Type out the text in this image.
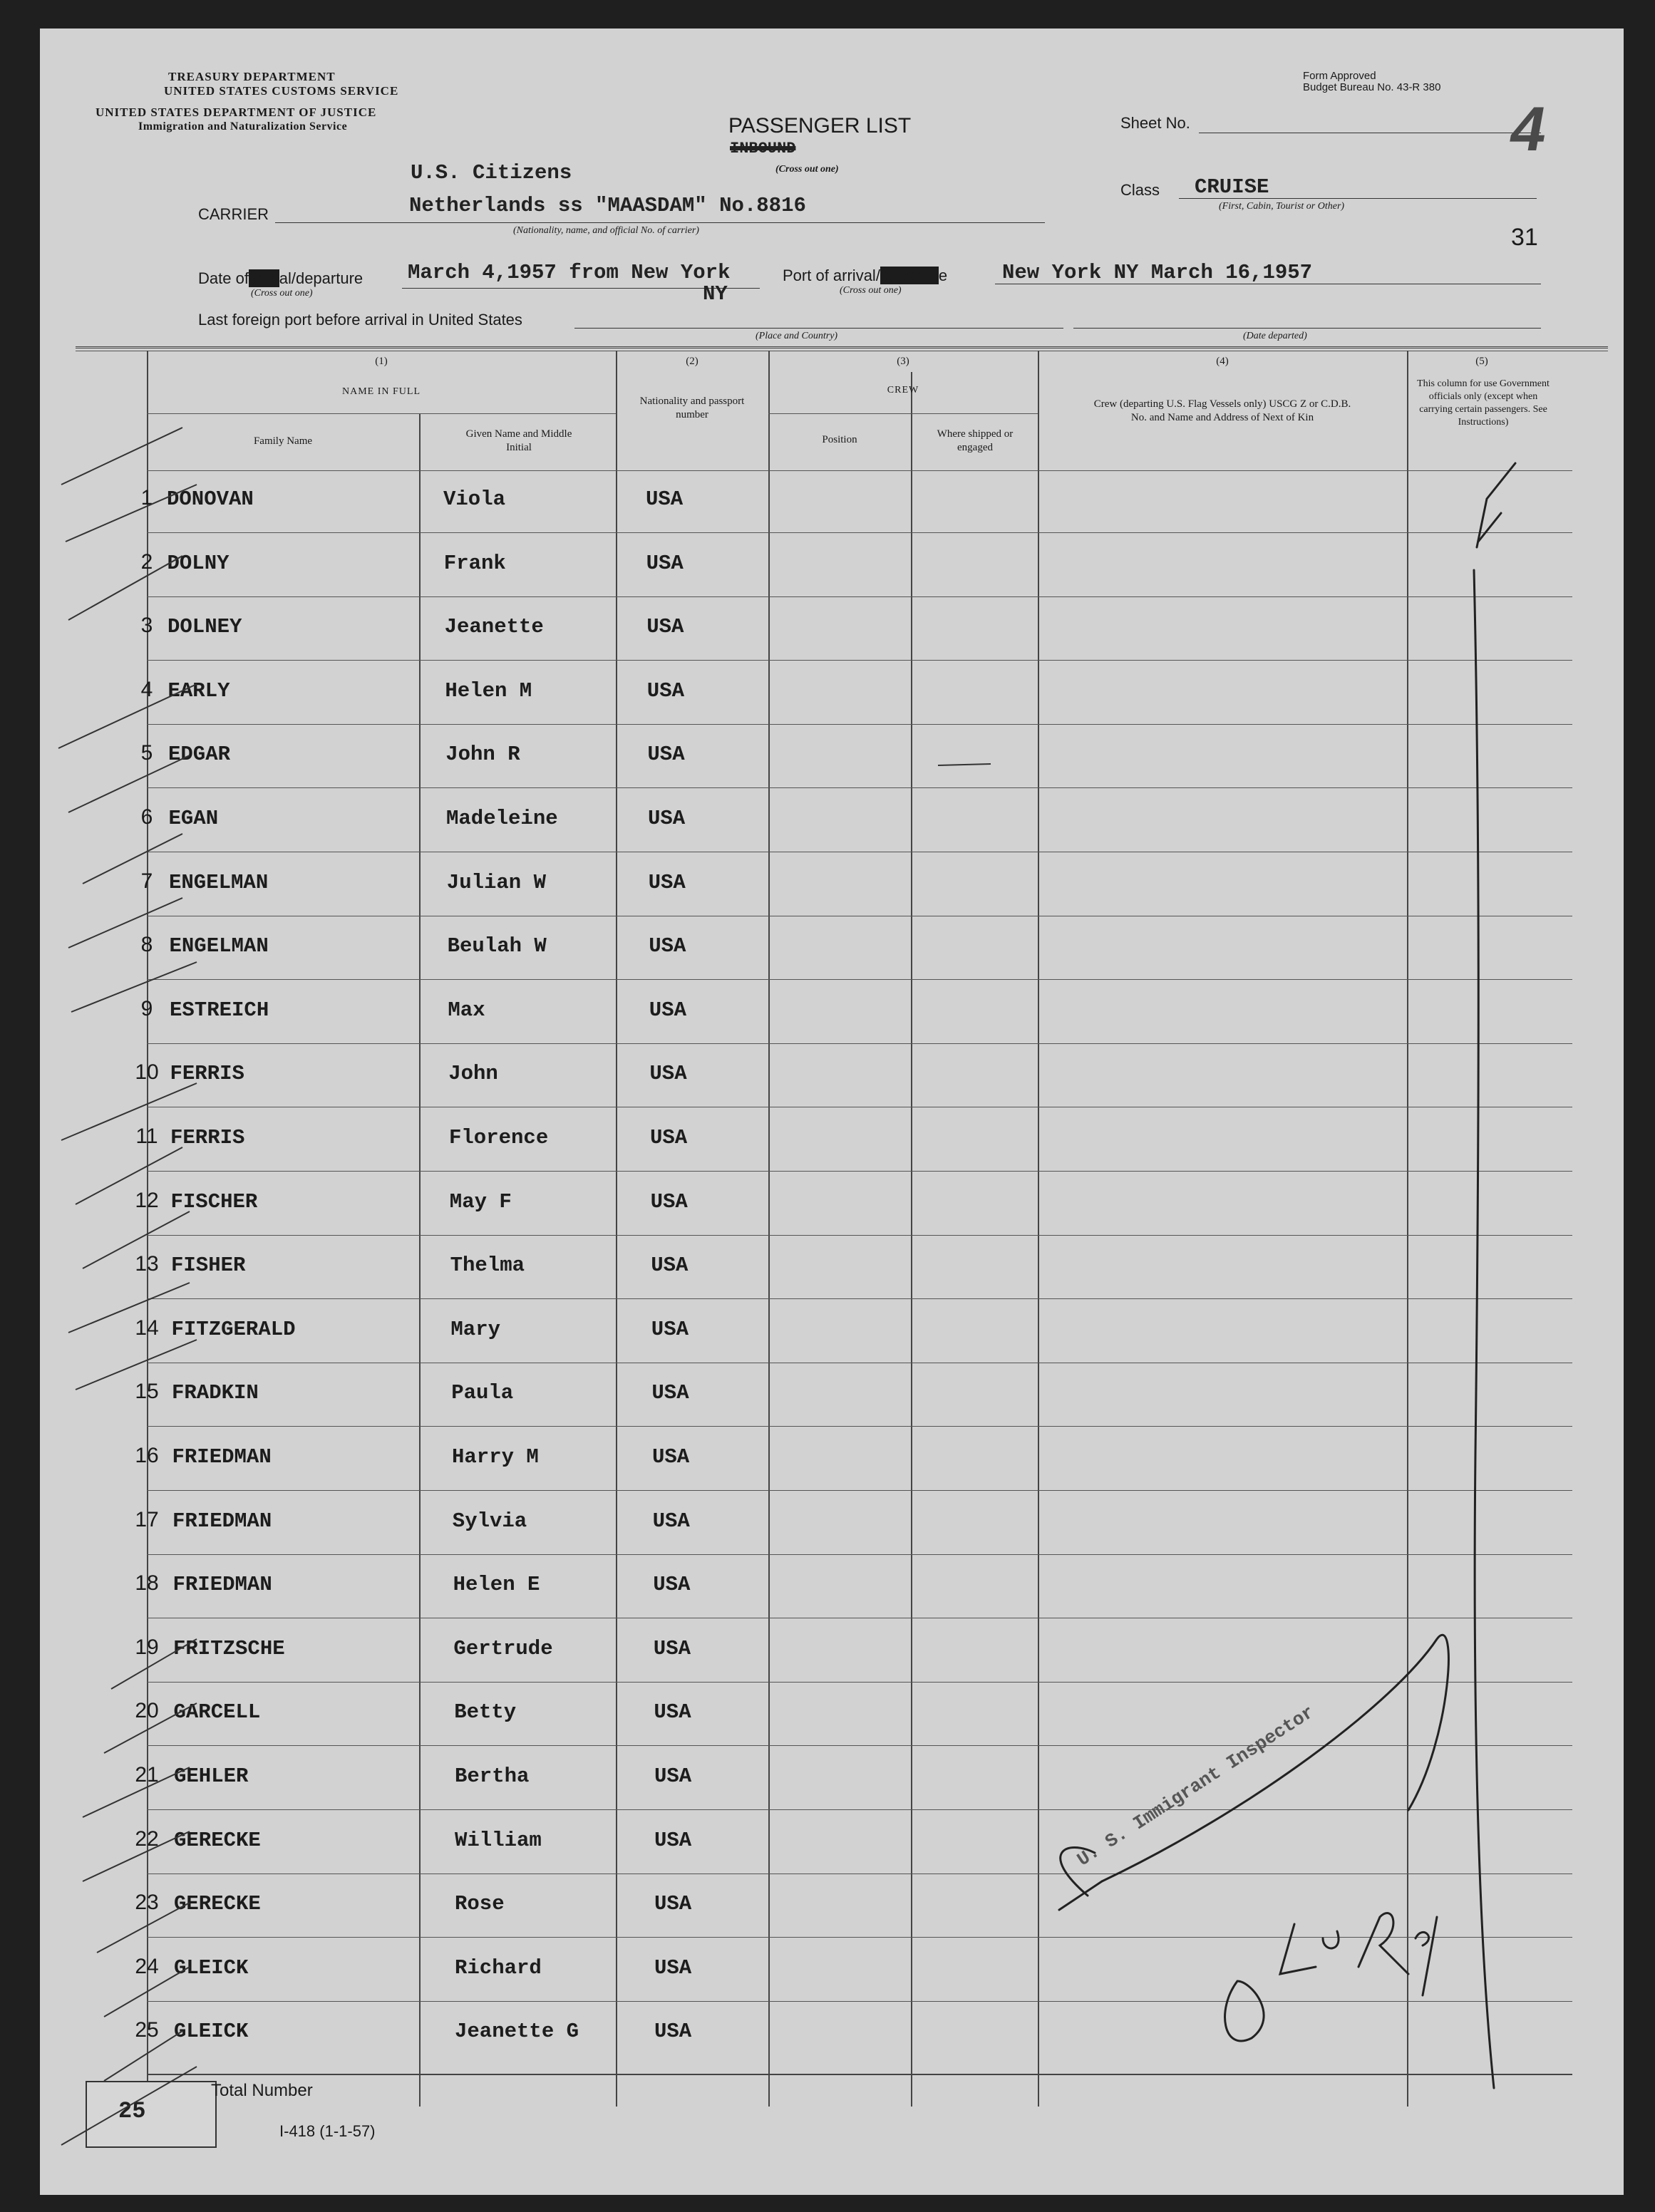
TREASURY DEPARTMENT
UNITED STATES CUSTOMS SERVICE
UNITED STATES DEPARTMENT OF JUSTICE
Immigration and Naturalization Service	PASSENGER LIST
INBOUND
(Cross out one)
Form Approved
Budget Bureau No. 43-R 380
Sheet No.	4
U.S. Citizens
CARRIER	Netherlands ss "MAASDAM" No.8816
(Nationality, name, and official No. of carrier)
Class CRUISE
(First, Cabin, Tourist or Other)
31
Date ofarrival/departure
(Cross out one)
March 4,1957 from New York
NY
Port of arrival/departure
(Cross out one)
New York NY March 16,1957
Last foreign port before arrival in United States
(Place and Country)	(Date departed)
(1)
NAME IN FULL
Family Name
Given Name and Middle Initial
(2)
Nationality and passport number
(3)
CREW
Position	Where shipped or engaged
(4)
Crew (departing U.S. Flag Vessels only) USCG Z or C.D.B. No. and Name and Address of Next of Kin
(5)
This column for use Government officials only (except when carrying certain passengers. See Instructions)
1 DONOVAN	Viola	USA
2 DOLNY	Frank	USA
3 DOLNEY	Jeanette	USA
4 EARLY	Helen M	USA
5 EDGAR	John R	USA
6 EGAN	Madeleine	USA
7 ENGELMAN	Julian W	USA
8 ENGELMAN	Beulah W	USA
9 ESTREICH	Max	USA
10 FERRIS	John	USA
11 FERRIS	Florence	USA
12 FISCHER	May F	USA
13 FISHER	Thelma	USA
14 FITZGERALD	Mary	USA
15 FRADKIN	Paula	USA
16 FRIEDMAN	Harry M	USA
17 FRIEDMAN	Sylvia	USA
18 FRIEDMAN	Helen E	USA
19 FRITZSCHE	Gertrude	USA
20 GARCELL	Betty	USA
21 GEHLER	Bertha	USA
22 GERECKE	William	USA
23 GERECKE	Rose	USA
24 GLEICK	Richard	USA
25 GLEICK	Jeanette G	USA
25
Total Number
I-418 (1-1-57)
U. S. Immigrant Inspector
